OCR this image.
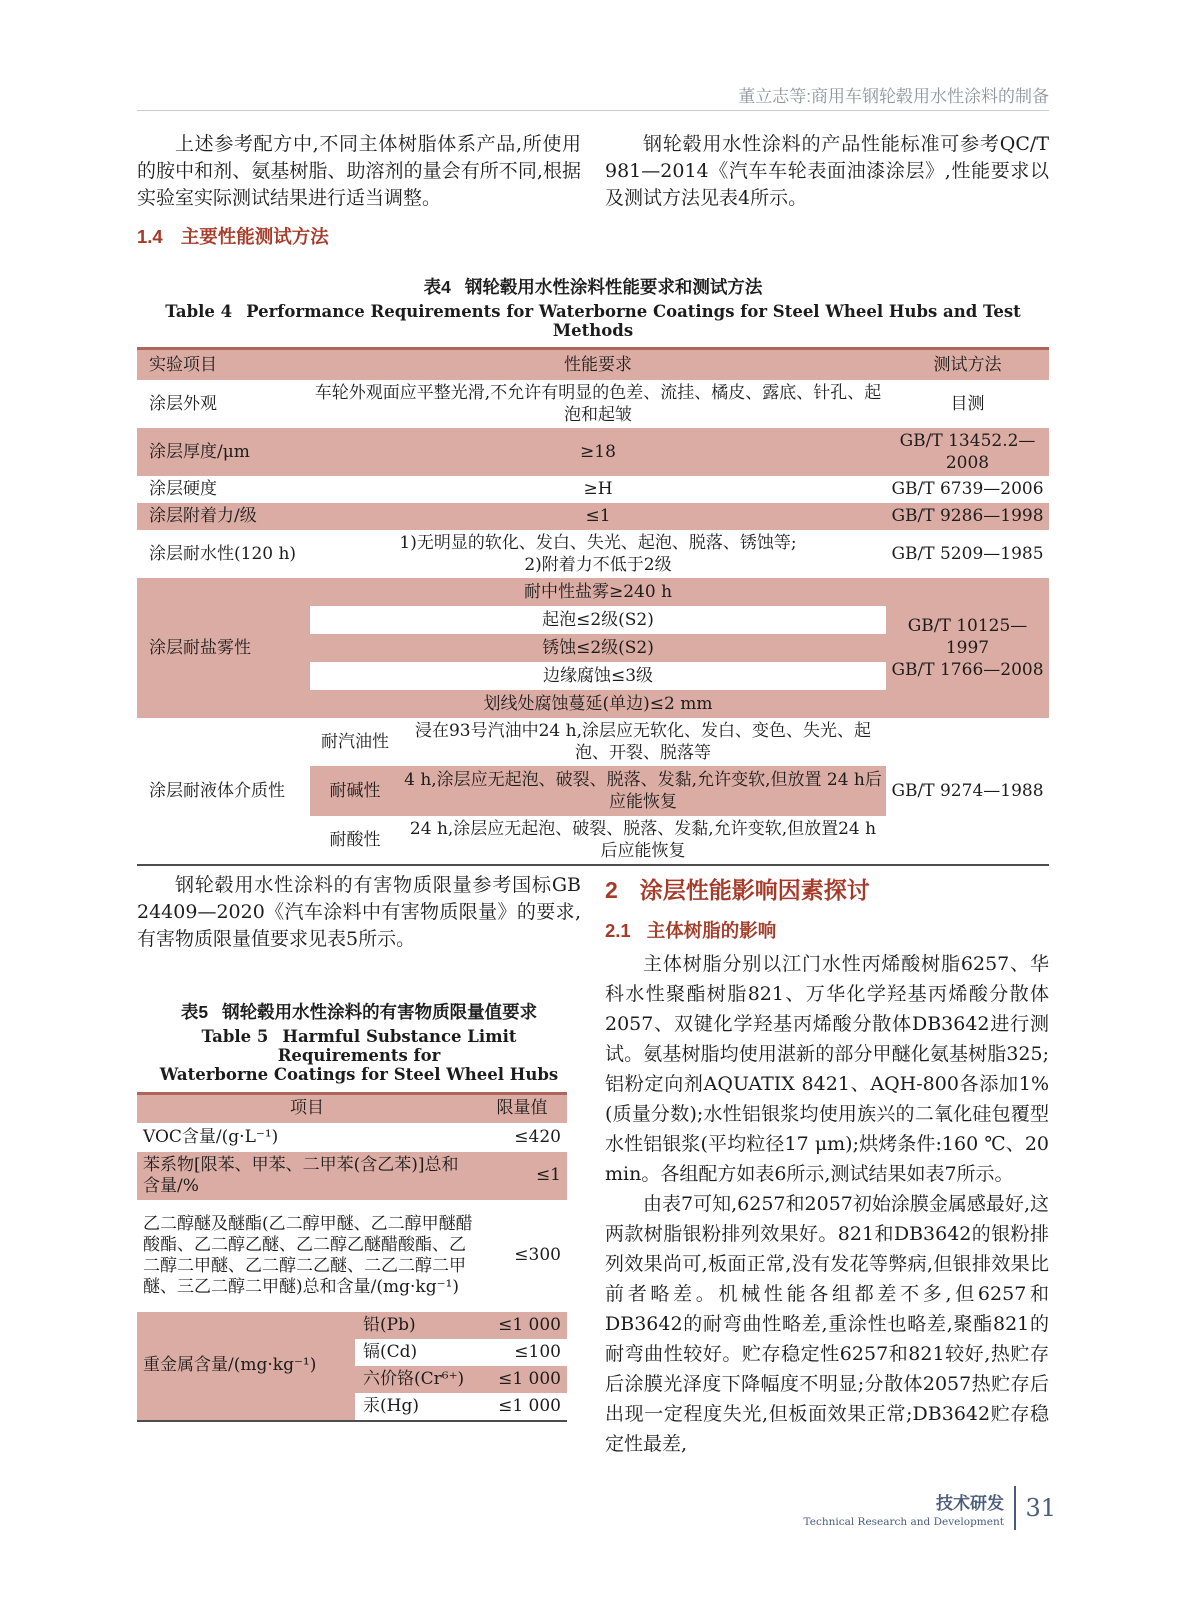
董立志等:商用车钢轮毂用水性涂料的制备

上述参考配方中,不同主体树脂体系产品,所使用的胺中和剂、氨基树脂、助溶剂的量会有所不同,根据实验室实际测试结果进行适当调整。

1.4 主要性能测试方法

钢轮毂用水性涂料的产品性能标准可参考QC/T 981—2014《汽车车轮表面油漆涂层》,性能要求以及测试方法见表4所示。

表4 钢轮毂用水性涂料性能要求和测试方法
Table 4 Performance Requirements for Waterborne Coatings for Steel Wheel Hubs and Test Methods
实验项目	性能要求		测试方法
涂层外观	车轮外观面应平整光滑,不允许有明显的色差、流挂、橘皮、露底、针孔、起泡和起皱		目测
涂层厚度/μm	≥18		GB/T 13452.2—2008
涂层硬度	≥H		GB/T 6739—2006
涂层附着力/级	≤1		GB/T 9286—1998
涂层耐水性(120 h)	1)无明显的软化、发白、失光、起泡、脱落、锈蚀等;
2)附着力不低于2级		GB/T 5209—1985
涂层耐盐雾性	耐中性盐雾≥240 h		GB/T 10125—1997
GB/T 1766—2008

	起泡≤2级(S2)		
	锈蚀≤2级(S2)		
	边缘腐蚀≤3级		
	划线处腐蚀蔓延(单边)≤2 mm		
涂层耐液体介质性	耐汽油性	浸在93号汽油中24 h,涂层应无软化、发白、变色、失光、起泡、开裂、脱落等	GB/T 9274—1988
	耐碱性	4 h,涂层应无起泡、破裂、脱落、发黏,允许变软,但放置 24 h后应能恢复	
	耐酸性	24 h,涂层应无起泡、破裂、脱落、发黏,允许变软,但放置24 h后应能恢复	

钢轮毂用水性涂料的有害物质限量参考国标GB 24409—2020《汽车涂料中有害物质限量》的要求,有害物质限量值要求见表5所示。

表5 钢轮毂用水性涂料的有害物质限量值要求
Table 5 Harmful Substance Limit Requirements for
Waterborne Coatings for Steel Wheel Hubs
项目		限量值
VOC含量/(g·L⁻¹)		≤420
苯系物[限苯、甲苯、二甲苯(含乙苯)]总和含量/%		≤1
乙二醇醚及醚酯(乙二醇甲醚、乙二醇甲醚醋酸酯、乙二醇乙醚、乙二醇乙醚醋酸酯、乙二醇二甲醚、乙二醇二乙醚、二乙二醇二甲醚、三乙二醇二甲醚)总和含量/(mg·kg⁻¹)		≤300
重金属含量/(mg·kg⁻¹)	铅(Pb)	≤1 000
	镉(Cd)	≤100
	六价铬(Cr⁶⁺)	≤1 000
	汞(Hg)	≤1 000
2 涂层性能影响因素探讨
2.1 主体树脂的影响

主体树脂分别以江门水性丙烯酸树脂6257、华科水性聚酯树脂821、万华化学羟基丙烯酸分散体2057、双键化学羟基丙烯酸分散体DB3642进行测试。氨基树脂均使用湛新的部分甲醚化氨基树脂325;铝粉定向剂AQUATIX 8421、AQH-800各添加1%(质量分数);水性铝银浆均使用族兴的二氧化硅包覆型水性铝银浆(平均粒径17 μm);烘烤条件:160 ℃、20 min。各组配方如表6所示,测试结果如表7所示。

由表7可知,6257和2057初始涂膜金属感最好,这两款树脂银粉排列效果好。821和DB3642的银粉排列效果尚可,板面正常,没有发花等弊病,但银排效果比前者略差。机械性能各组都差不多,但6257和DB3642的耐弯曲性略差,重涂性也略差,聚酯821的耐弯曲性较好。贮存稳定性6257和821较好,热贮存后涂膜光泽度下降幅度不明显;分散体2057热贮存后出现一定程度失光,但板面效果正常;DB3642贮存稳定性最差,

技术研发
Technical Research and Development 31
